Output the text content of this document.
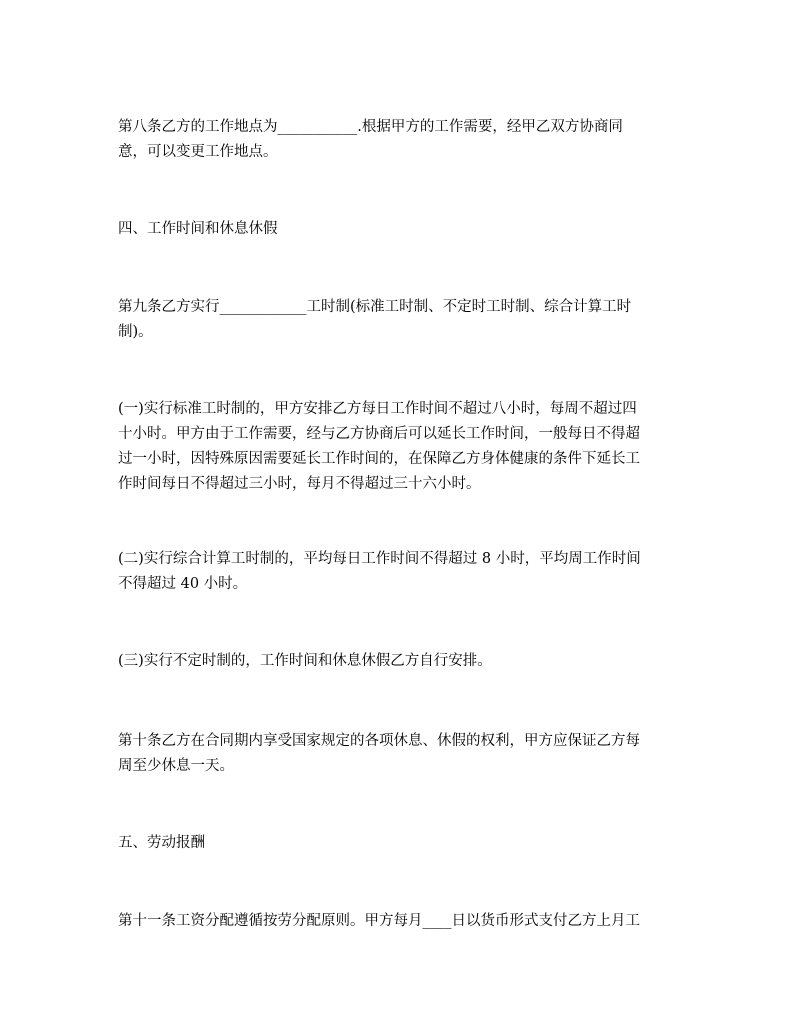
第八条乙方的工作地点为___________.根据甲方的工作需要，经甲乙双方协商同
意，可以变更工作地点。
四、工作时间和休息休假
第九条乙方实行____________工时制(标准工时制、不定时工时制、综合计算工时
制)。
(一)实行标准工时制的，甲方安排乙方每日工作时间不超过八小时，每周不超过四
十小时。甲方由于工作需要，经与乙方协商后可以延长工作时间，一般每日不得超
过一小时，因特殊原因需要延长工作时间的，在保障乙方身体健康的条件下延长工
作时间每日不得超过三小时，每月不得超过三十六小时。
(二)实行综合计算工时制的，平均每日工作时间不得超过 8 小时，平均周工作时间
不得超过 40 小时。
(三)实行不定时制的，工作时间和休息休假乙方自行安排。
第十条乙方在合同期内享受国家规定的各项休息、休假的权利，甲方应保证乙方每
周至少休息一天。
五、劳动报酬
第十一条工资分配遵循按劳分配原则。甲方每月____日以货币形式支付乙方上月工
